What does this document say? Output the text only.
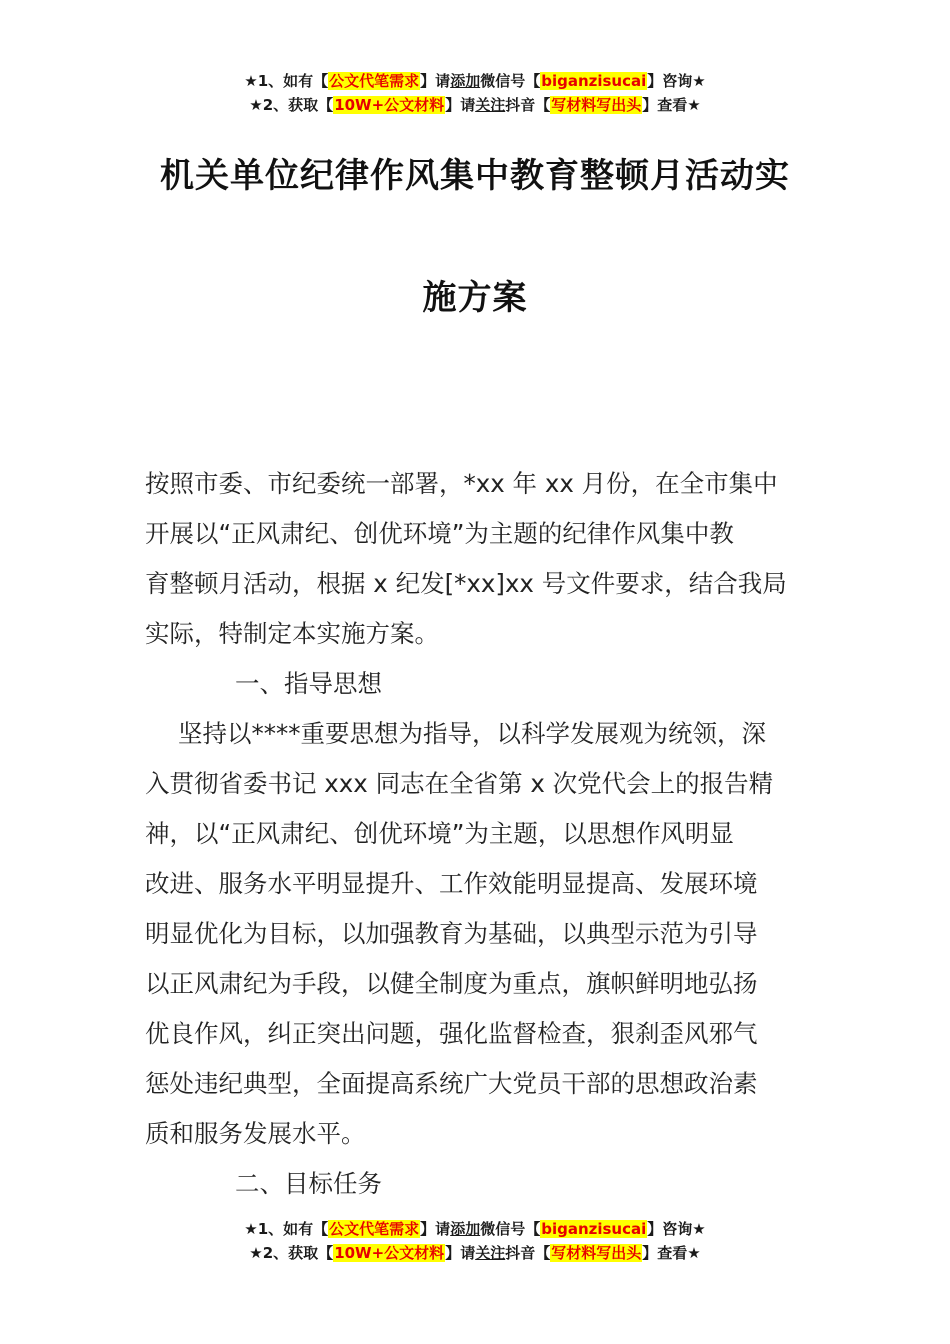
★1、如有【公文代笔需求】请添加微信号【biganzisucai】咨询★
★2、获取【10W+公文材料】请关注抖音【写材料写出头】查看★
机关单位纪律作风集中教育整顿月活动实
施方案
按照市委、市纪委统一部署，*xx 年 xx 月份，在全市集中
开展以“正风肃纪、创优环境”为主题的纪律作风集中教
育整顿月活动，根据 x 纪发[*xx]xx 号文件要求，结合我局
实际，特制定本实施方案。
一、指导思想
坚持以****重要思想为指导，以科学发展观为统领，深
入贯彻省委书记 xxx 同志在全省第 x 次党代会上的报告精
神，以“正风肃纪、创优环境”为主题，以思想作风明显
改进、服务水平明显提升、工作效能明显提高、发展环境
明显优化为目标，以加强教育为基础，以典型示范为引导
以正风肃纪为手段，以健全制度为重点，旗帜鲜明地弘扬
优良作风，纠正突出问题，强化监督检查，狠刹歪风邪气
惩处违纪典型，全面提高系统广大党员干部的思想政治素
质和服务发展水平。
二、目标任务
★1、如有【公文代笔需求】请添加微信号【biganzisucai】咨询★
★2、获取【10W+公文材料】请关注抖音【写材料写出头】查看★
